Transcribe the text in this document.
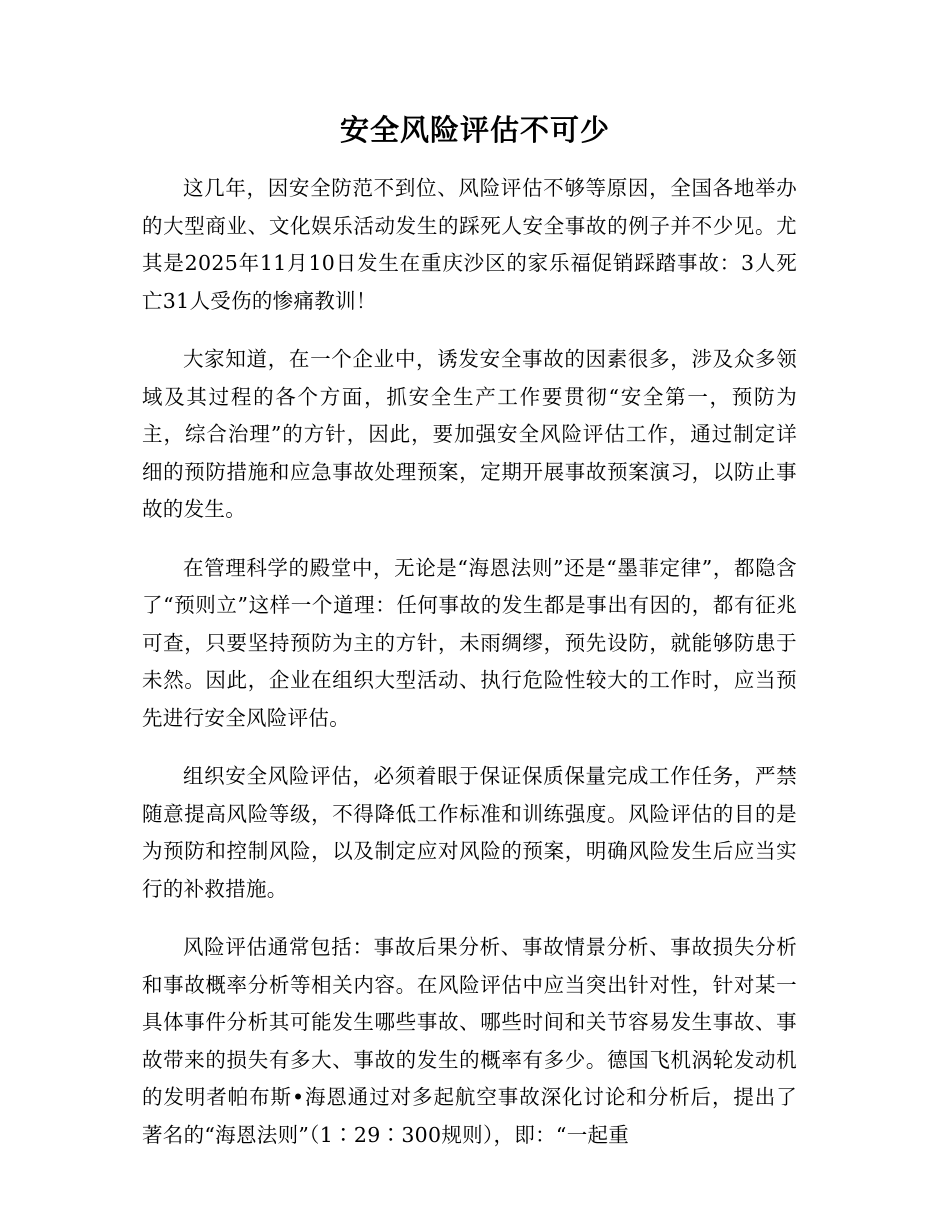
安全风险评估不可少

这几年，因安全防范不到位、风险评估不够等原因，全国各地举办的大型商业、文化娱乐活动发生的踩死人安全事故的例子并不少见。尤其是2025年11月10日发生在重庆沙区的家乐福促销踩踏事故：3人死亡31人受伤的惨痛教训！

大家知道，在一个企业中，诱发安全事故的因素很多，涉及众多领域及其过程的各个方面，抓安全生产工作要贯彻“安全第一，预防为主，综合治理”的方针，因此，要加强安全风险评估工作，通过制定详细的预防措施和应急事故处理预案，定期开展事故预案演习，以防止事故的发生。

在管理科学的殿堂中，无论是“海恩法则”还是“墨菲定律”，都隐含了“预则立”这样一个道理：任何事故的发生都是事出有因的，都有征兆可查，只要坚持预防为主的方针，未雨绸缪，预先设防，就能够防患于未然。因此，企业在组织大型活动、执行危险性较大的工作时，应当预先进行安全风险评估。

组织安全风险评估，必须着眼于保证保质保量完成工作任务，严禁随意提高风险等级，不得降低工作标准和训练强度。风险评估的目的是为预防和控制风险，以及制定应对风险的预案，明确风险发生后应当实行的补救措施。

风险评估通常包括：事故后果分析、事故情景分析、事故损失分析和事故概率分析等相关内容。在风险评估中应当突出针对性，针对某一具体事件分析其可能发生哪些事故、哪些时间和关节容易发生事故、事故带来的损失有多大、事故的发生的概率有多少。德国飞机涡轮发动机的发明者帕布斯•海恩通过对多起航空事故深化讨论和分析后，提出了著名的“海恩法则”（1∶29∶300规则），即：“一起重
